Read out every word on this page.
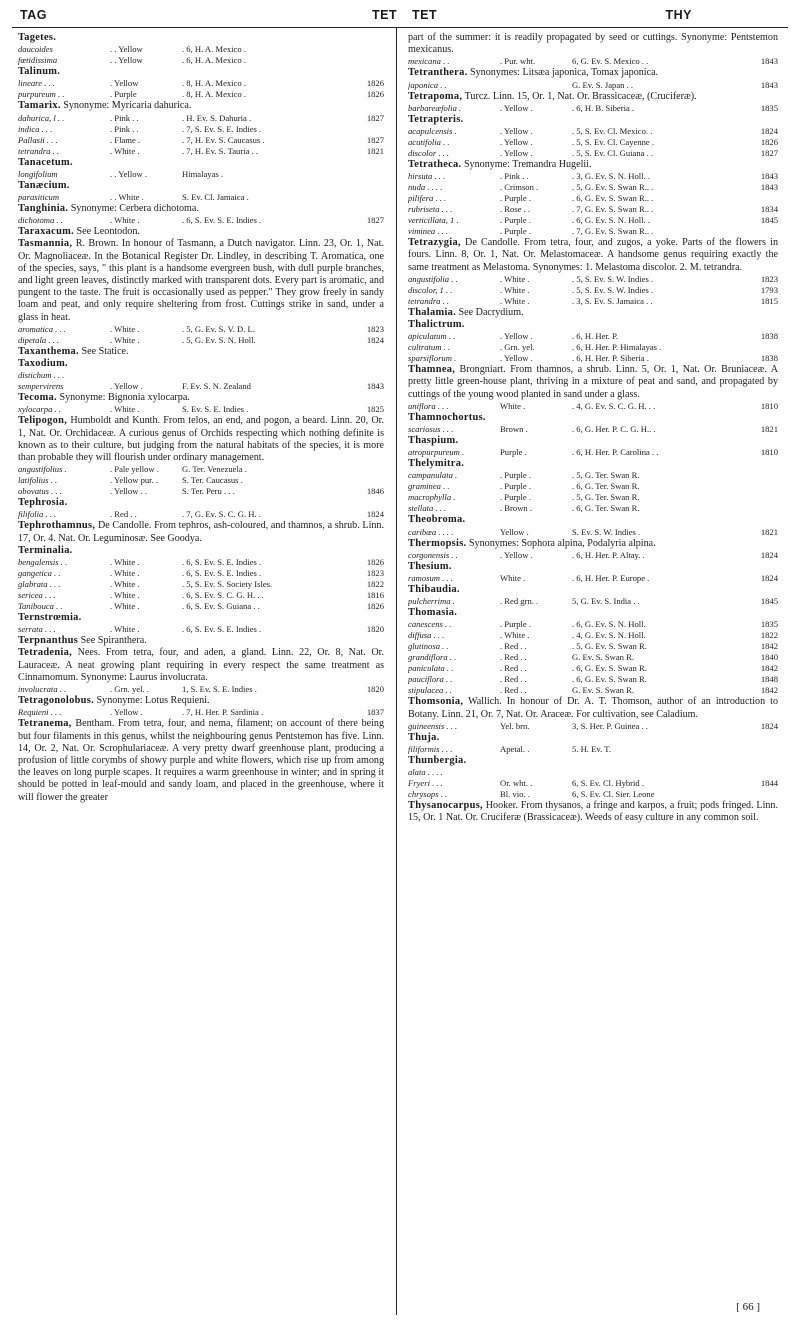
TAG	TET TET	THY
Tagetes.
daucoides	. . Yellow	. 6, H. A. Mexico .
fœtidissima	. . Yellow	. 6, H. A. Mexico .
Talinum.
lineare . . .	. Yellow	. 8, H. A. Mexico .	1826
purpureum . .	. Purple	. 8, H. A. Mexico .	1826

Tamarix. Synonyme: Myricaria dahurica.

dahurica, l . .	. Pink . .	. H. Ev. S. Dahuria .	1827
indica . . .	. Pink . .	. 7, S. Ev. S. E. Indies .
Pallasii . . .	. Flame .	. 7, H. Ev. S. Caucasus .	1827
tetrandra . .	. White .	. 7, H. Ev. S. Tauria . .	1821
Tanacetum.
longifolium	. . Yellow .	Himalayas .
Tanæcium.
parasiticum	. . White .	S. Ev. Cl. Jamaica .

Tanghinia. Synonyme: Cerbera dichotoma.

dichotoma . .	. White .	. 6, S. Ev. S. E. Indies .	1827

Taraxacum. See Leontodon.

Tasmannia, R. Brown. In honour of Tasmann, a Dutch navigator. Linn. 23, Or. 1, Nat. Or. Magnoliaceæ. In the Botanical Register Dr. Lindley, in describing T. Aromatica, one of the species, says, " this plant is a handsome evergreen bush, with dull purple branches, and light green leaves, distinctly marked with transparent dots. Every part is aromatic, and pungent to the taste. The fruit is occasionally used as pepper." They grow freely in sandy loam and peat, and only require sheltering from frost. Cuttings strike in sand, under a glass in heat.

aromatica . . .	. White .	. 5, G. Ev. S. V. D. L.	1823
dipetala . . .	. White .	. 5, G. Ev. S. N. Holl.	1824

Taxanthema. See Statice.

Taxodium.
distichum . . .
sempervirens	. Yellow .	F. Ev. S. N. Zealand	1843

Tecoma. Synonyme: Bignonia xylocarpa.

xylocarpa . .	. White .	S. Ev. S. E. Indies .	1825

Telipogon, Humboldt and Kunth. From telos, an end, and pogon, a beard. Linn. 20, Or. 1, Nat. Or. Orchidaceæ. A curious genus of Orchids respecting which nothing definite is known as to their culture, but judging from the natural habitats of the species, it is more than probable they will flourish under ordinary management.

angustifolius .	. Pale yellow .	G. Ter. Venezuela .
latifolius . .	. Yellow pur. .	S. Ter. Caucasus .
obovatus . . .	. Yellow . .	S. Ter. Peru . . .	1846
Tephrosia.
filifolia . . .	. Red . .	. 7, G. Ev. S. C. G. H. .	1824

Tephrothamnus, De Candolle. From tephros, ash-coloured, and thamnos, a shrub. Linn. 17, Or. 4. Nat. Or. Leguminosæ. See Goodya.

Terminalia.
bengalensis . .	. White .	. 6, S. Ev. S. E. Indies .	1826
gangetica . .	. White .	. 6, S. Ev. S. E. Indies .	1823
glabrata . . .	. White .	. 5, S. Ev. S. Society Isles.	1822
sericea . . .	. White .	. 6, S. Ev. S. C. G. H. . .	1816
Tanibouca . .	. White .	. 6, S. Ev. S. Guiana . .	1826
Ternstrœmia.
serrata . . .	. White .	. 6, S. Ev. S. E. Indies .	1820

Terpnanthus See Spiranthera.

Tetradenia, Nees. From tetra, four, and aden, a gland. Linn. 22, Or. 8, Nat. Or. Lauraceæ. A neat growing plant requiring in every respect the same treatment as Cinnamomum. Synonyme: Laurus involucrata.

involucrata . .	. Grn. yel. .	1, S. Ev. S. E. Indies .	1820

Tetragonolobus. Synonyme: Lotus Requieni.

Requieni . . .	. Yellow .	. 7, H. Her. P. Sardinia .	1837

Tetranema, Bentham. From tetra, four, and nema, filament; on account of there being but four filaments in this genus, whilst the neighbouring genus Pentstemon has five. Linn. 14, Or. 2, Nat. Or. Scrophulariaceæ. A very pretty dwarf greenhouse plant, producing a profusion of little corymbs of showy purple and white flowers, which rise up from among the leaves on long purple scapes. It requires a warm greenhouse in winter; and in spring it should be potted in leaf-mould and sandy loam, and placed in the greenhouse, where it will flower the greater

part of the summer: it is readily propagated by seed or cuttings. Synonyme: Pentstemon mexicanus.

mexicana . .	. Pur. wht.	6, G. Ev. S. Mexico . .	1843

Tetranthera. Synonymes: Litsæa japonica, Tomax japonica.

japonica . .	G. Ev. S. Japan . .	1843

Tetrapoma, Turcz. Linn. 15, Or. 1, Nat. Or. Brassicaceæ, (Cruciferæ).

barbareæfolia .	. Yellow .	. 6, H. B. Siberia .	1835
Tetrapteris.
acapulcensis .	. Yellow .	. 5, S. Ev. Cl. Mexico. .	1824
acutifolia . .	. Yellow .	. 5, S. Ev. Cl. Cayenne .	1826
discolor . . .	. Yellow .	. 5, S. Ev. Cl. Guiana . .	1827

Tetratheca. Synonyme: Tremandra Hugelii.

hirsuta . . .	. Pink . .	. 3, G. Ev. S. N. Holl. .	1843
nuda . . . .	. Crimson .	. 5, G. Ev. S. Swan R.. .	1843
pilifera . . .	. Purple .	. 6, G. Ev. S. Swan R.. .
rubriseta . . .	. Rose . .	. 7, G. Ev. S. Swan R.. .	1834
verticillata, 1 .	. Purple .	. 6, G. Ev. S. N. Holl. .	1845
viminea . . .	. Purple .	. 7, G. Ev. S. Swan R.. .

Tetrazygia, De Candolle. From tetra, four, and zugos, a yoke. Parts of the flowers in fours. Linn. 8, Or. 1, Nat. Or. Melastomaceæ. A handsome genus requiring exactly the same treatment as Melastoma. Synonymes: 1. Melastoma discolor. 2. M. tetrandra.

angustifolia . .	. White .	. 5, S. Ev. S. W. Indies .	1823
discolor, 1 . .	. White .	. 5, S. Ev. S. W. Indies .	1793
tetrandra . .	. White .	. 3, S. Ev. S. Jamaica . .	1815

Thalamia. See Dacrydium.

Thalictrum.
apiculatum . .	. Yellow .	. 6, H. Her. P.	1838
cultratum . .	. Grn. yel.	. 6, H. Her. P. Himalayas .
sparsiflorum .	. Yellow .	. 6, H. Her. P. Siberia .	1838

Thamnea, Brongniart. From thamnos, a shrub. Linn. 5, Or. 1, Nat. Or. Bruniaceæ. A pretty little green-house plant, thriving in a mixture of peat and sand, and propagated by cuttings of the young wood planted in sand under a glass.

uniflora . . .	White .	. 4, G. Ev. S. C. G. H. . .	1810
Thamnochortus.
scariosus . . .	Brown .	. 6, G. Her. P. C. G. H.. .	1821
Thaspium.
atropurpureum .	Purple .	. 6, H. Her. P. Carolina . .	1810
Thelymitra.
campanulata .	. Purple .	. 5, G. Ter. Swan R.
graminea . .	. Purple .	. 6, G. Ter. Swan R.
macrophylla .	. Purple .	. 5, G. Ter. Swan R.
stellata . . .	. Brown .	. 6, G. Ter. Swan R.
Theobroma.
caribæa . . . .	Yellow .	S. Ev. S. W. Indies .	1821

Thermopsis. Synonymes: Sophora alpina, Podalyria alpina.

corgonensis . .	. Yellow .	. 6, H. Her. P. Altay. .	1824
Thesium.
ramosum . . .	White .	. 6, H. Her. P. Europe .	1824
Thibaudia.
pulcherrima .	. Red grn. .	5, G. Ev. S. India . .	1845
Thomasia.
canescens . .	. Purple .	. 6, G. Ev. S. N. Holl.	1835
diffusa . . .	. White .	. 4, G. Ev. S. N. Holl.	1822
glutinosa . .	. Red . .	. 5, G. Ev. S. Swan R.	1842
grandiflora . .	. Red . .	G. Ev. S. Swan R.	1840
paniculata . .	. Red . .	. 6, G. Ev. S. Swan R.	1842
pauciflora . .	. Red . .	. 6, G. Ev. S. Swan R.	1848
stipulacea . .	. Red . .	G. Ev. S. Swan R.	1842

Thomsonia, Wallich. In honour of Dr. A. T. Thomson, author of an introduction to Botany. Linn. 21, Or. 7, Nat. Or. Araceæ. For cultivation, see Caladium.

guineensis . . .	Yel. brn.	3, S. Her. P. Guinea . .	1824
Thuja.
filiformis . . .	Apetal. .	5. H. Ev. T.
Thunbergia.
alata . . . .
Fryeri . . .	Or. wht. .	6, S. Ev. Cl. Hybrid .	1844
chrysops . .	Bl. vio. .	6, S. Ev. Cl. Sier. Leone

Thysanocarpus, Hooker. From thysanos, a fringe and karpos, a fruit; pods fringed. Linn. 15, Or. 1 Nat. Or. Cruciferæ (Brassicaceæ). Weeds of easy culture in any common soil.

[ 66 ]
